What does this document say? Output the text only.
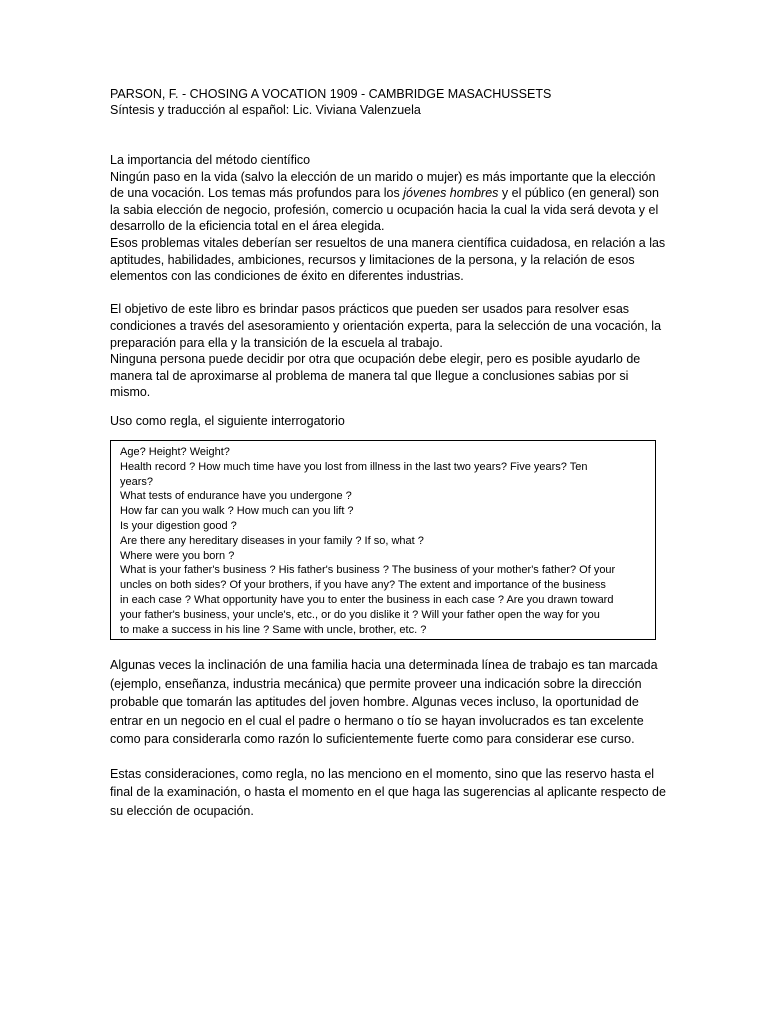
PARSON, F. - CHOSING A VOCATION 1909 - CAMBRIDGE MASACHUSSETS
Síntesis y traducción al español: Lic. Viviana Valenzuela

La importancia del método científico

Ningún paso en la vida (salvo la elección de un marido o mujer) es más importante que la elección de una vocación. Los temas más profundos para los jóvenes hombres y el público (en general) son la sabia elección de negocio, profesión, comercio u ocupación hacia la cual la vida será devota y el desarrollo de la eficiencia total en el área elegida.

Esos problemas vitales deberían ser resueltos de una manera científica cuidadosa, en relación a las aptitudes, habilidades, ambiciones, recursos y limitaciones de la persona, y la relación de esos elementos con las condiciones de éxito en diferentes industrias.

El objetivo de este libro es brindar pasos prácticos que pueden ser usados para resolver esas condiciones a través del asesoramiento y orientación experta, para la selección de una vocación, la preparación para ella y la transición de la escuela al trabajo.

Ninguna persona puede decidir por otra que ocupación debe elegir, pero es posible ayudarlo de manera tal de aproximarse al problema de manera tal que llegue a conclusiones sabias por si mismo.

Uso como regla, el siguiente interrogatorio

Age? Height? Weight?

Health record ? How much time have you lost from illness in the last two years? Five years? Ten

years?

What tests of endurance have you undergone ?

How far can you walk ? How much can you lift ?

Is your digestion good ?

Are there any hereditary diseases in your family ? If so, what ?

Where were you born ?

What is your father's business ? His father's business ? The business of your mother's father? Of your

uncles on both sides? Of your brothers, if you have any? The extent and importance of the business

in each case ? What opportunity have you to enter the business in each case ? Are you drawn toward

your father's business, your uncle's, etc., or do you dislike it ? Will your father open the way for you

to make a success in his line ? Same with uncle, brother, etc. ?

Algunas veces la inclinación de una familia hacia una determinada línea de trabajo es tan marcada (ejemplo, enseñanza, industria mecánica) que permite proveer una indicación sobre la dirección probable que tomarán las aptitudes del joven hombre. Algunas veces incluso, la oportunidad de entrar en un negocio en el cual el padre o hermano o tío se hayan involucrados es tan excelente como para considerarla como razón lo suficientemente fuerte como para considerar ese curso.

Estas consideraciones, como regla, no las menciono en el momento, sino que las reservo hasta el final de la examinación, o hasta el momento en el que haga las sugerencias al aplicante respecto de su elección de ocupación.
